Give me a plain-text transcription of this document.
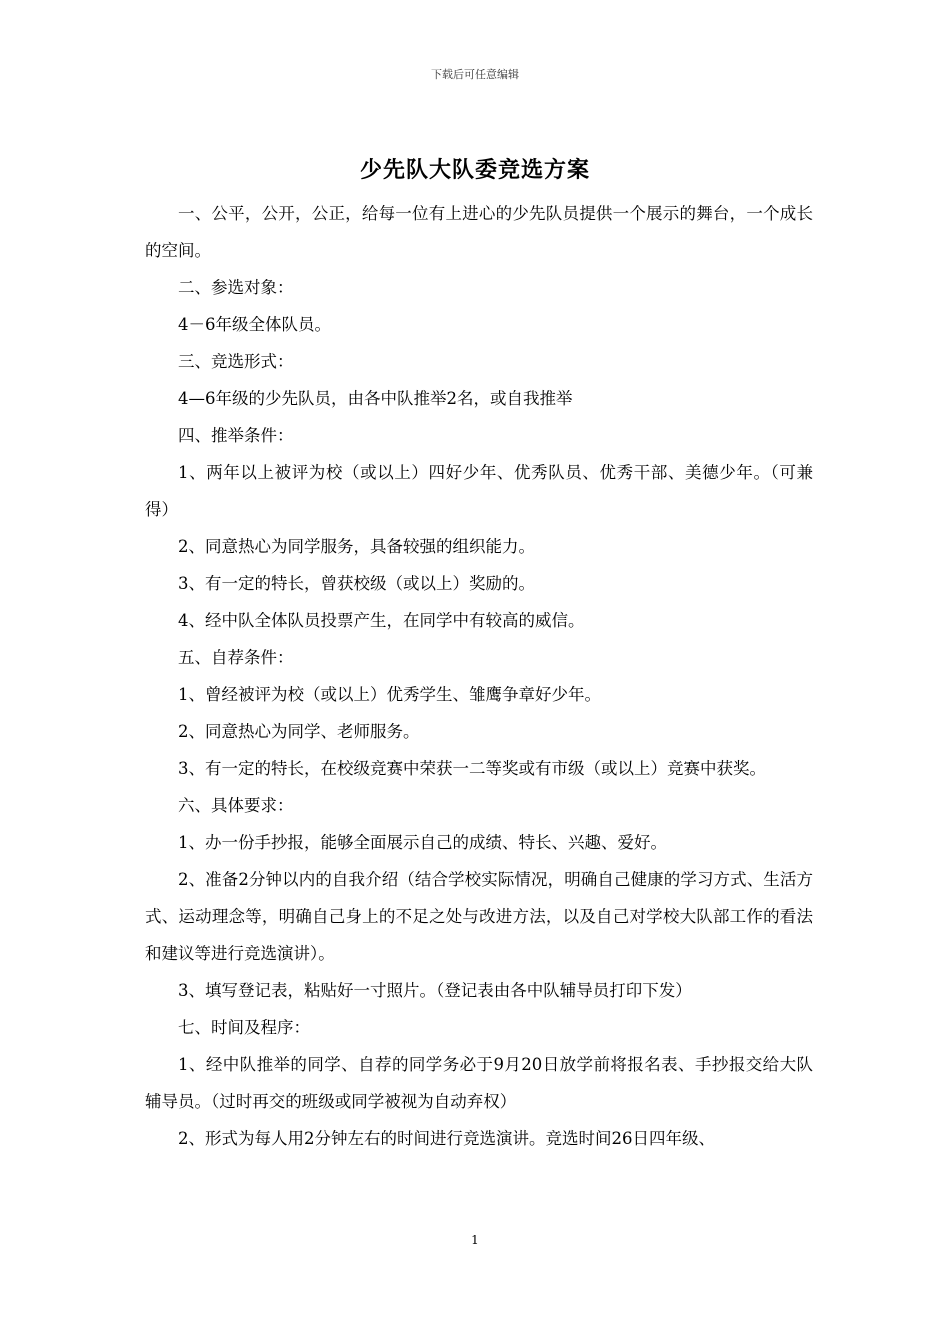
下载后可任意编辑
少先队大队委竞选方案

一、公平，公开，公正，给每一位有上进心的少先队员提供一个展示的舞台，一个成长的空间。

二、参选对象：

4－6年级全体队员。

三、竞选形式：

4—6年级的少先队员，由各中队推举2名，或自我推举

四、推举条件：

1、两年以上被评为校（或以上）四好少年、优秀队员、优秀干部、美德少年。（可兼得）

2、同意热心为同学服务，具备较强的组织能力。

3、有一定的特长，曾获校级（或以上）奖励的。

4、经中队全体队员投票产生，在同学中有较高的威信。

五、自荐条件：

1、曾经被评为校（或以上）优秀学生、雏鹰争章好少年。

2、同意热心为同学、老师服务。

3、有一定的特长，在校级竞赛中荣获一二等奖或有市级（或以上）竞赛中获奖。

六、具体要求：

1、办一份手抄报，能够全面展示自己的成绩、特长、兴趣、爱好。

2、准备2分钟以内的自我介绍（结合学校实际情况，明确自己健康的学习方式、生活方式、运动理念等，明确自己身上的不足之处与改进方法，以及自己对学校大队部工作的看法和建议等进行竞选演讲）。

3、填写登记表，粘贴好一寸照片。（登记表由各中队辅导员打印下发）

七、时间及程序：

1、经中队推举的同学、自荐的同学务必于9月20日放学前将报名表、手抄报交给大队辅导员。（过时再交的班级或同学被视为自动弃权）

2、形式为每人用2分钟左右的时间进行竞选演讲。竞选时间26日四年级、

1
